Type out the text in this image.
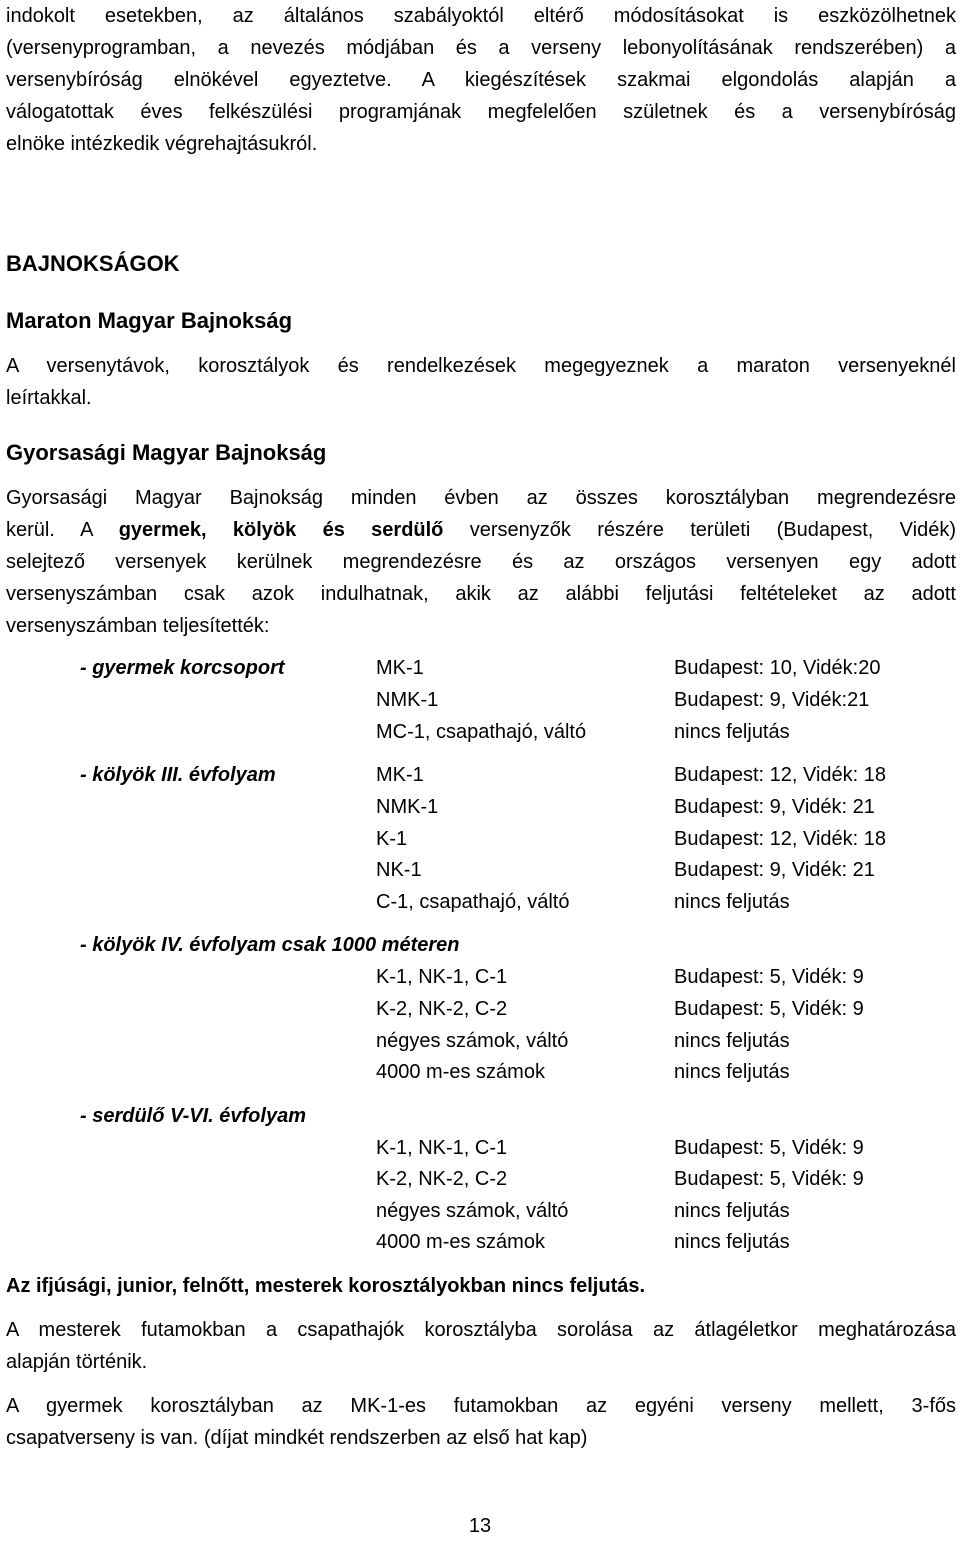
indokolt esetekben, az általános szabályoktól eltérő módosításokat is eszközölhetnek
(versenyprogramban, a nevezés módjában és a verseny lebonyolításának rendszerében) a
versenybíróság elnökével egyeztetve. A kiegészítések szakmai elgondolás alapján a
válogatottak éves felkészülési programjának megfelelően születnek és a versenybíróság
elnöke intézkedik végrehajtásukról.
BAJNOKSÁGOK
Maraton Magyar Bajnokság
A versenytávok, korosztályok és rendelkezések megegyeznek a maraton versenyeknél
leírtakkal.
Gyorsasági Magyar Bajnokság
Gyorsasági Magyar Bajnokság minden évben az összes korosztályban megrendezésre
kerül. A gyermek, kölyök és serdülő versenyzők részére területi (Budapest, Vidék)
selejtező versenyek kerülnek megrendezésre és az országos versenyen egy adott
versenyszámban csak azok indulhatnak, akik az alábbi feljutási feltételeket az adott
versenyszámban teljesítették:
- gyermek korcsoport	MK-1	Budapest: 10, Vidék:20
NMK-1	Budapest: 9, Vidék:21
MC-1, csapathajó, váltó	nincs feljutás
- kölyök III. évfolyam	MK-1	Budapest: 12, Vidék: 18
NMK-1	Budapest: 9, Vidék: 21
K-1	Budapest: 12, Vidék: 18
NK-1	Budapest: 9, Vidék: 21
C-1, csapathajó, váltó	nincs feljutás
- kölyök IV. évfolyam csak 1000 méteren
K-1, NK-1, C-1	Budapest: 5, Vidék: 9
K-2, NK-2, C-2	Budapest: 5, Vidék: 9
négyes számok, váltó	nincs feljutás
4000 m-es számok	nincs feljutás
- serdülő V-VI. évfolyam
K-1, NK-1, C-1	Budapest: 5, Vidék: 9
K-2, NK-2, C-2	Budapest: 5, Vidék: 9
négyes számok, váltó	nincs feljutás
4000 m-es számok	nincs feljutás
Az ifjúsági, junior, felnőtt, mesterek korosztályokban nincs feljutás.
A mesterek futamokban a csapathajók korosztályba sorolása az átlagéletkor meghatározása
alapján történik.
A gyermek korosztályban az MK-1-es futamokban az egyéni verseny mellett, 3-fős
csapatverseny is van. (díjat mindkét rendszerben az első hat kap)
13
